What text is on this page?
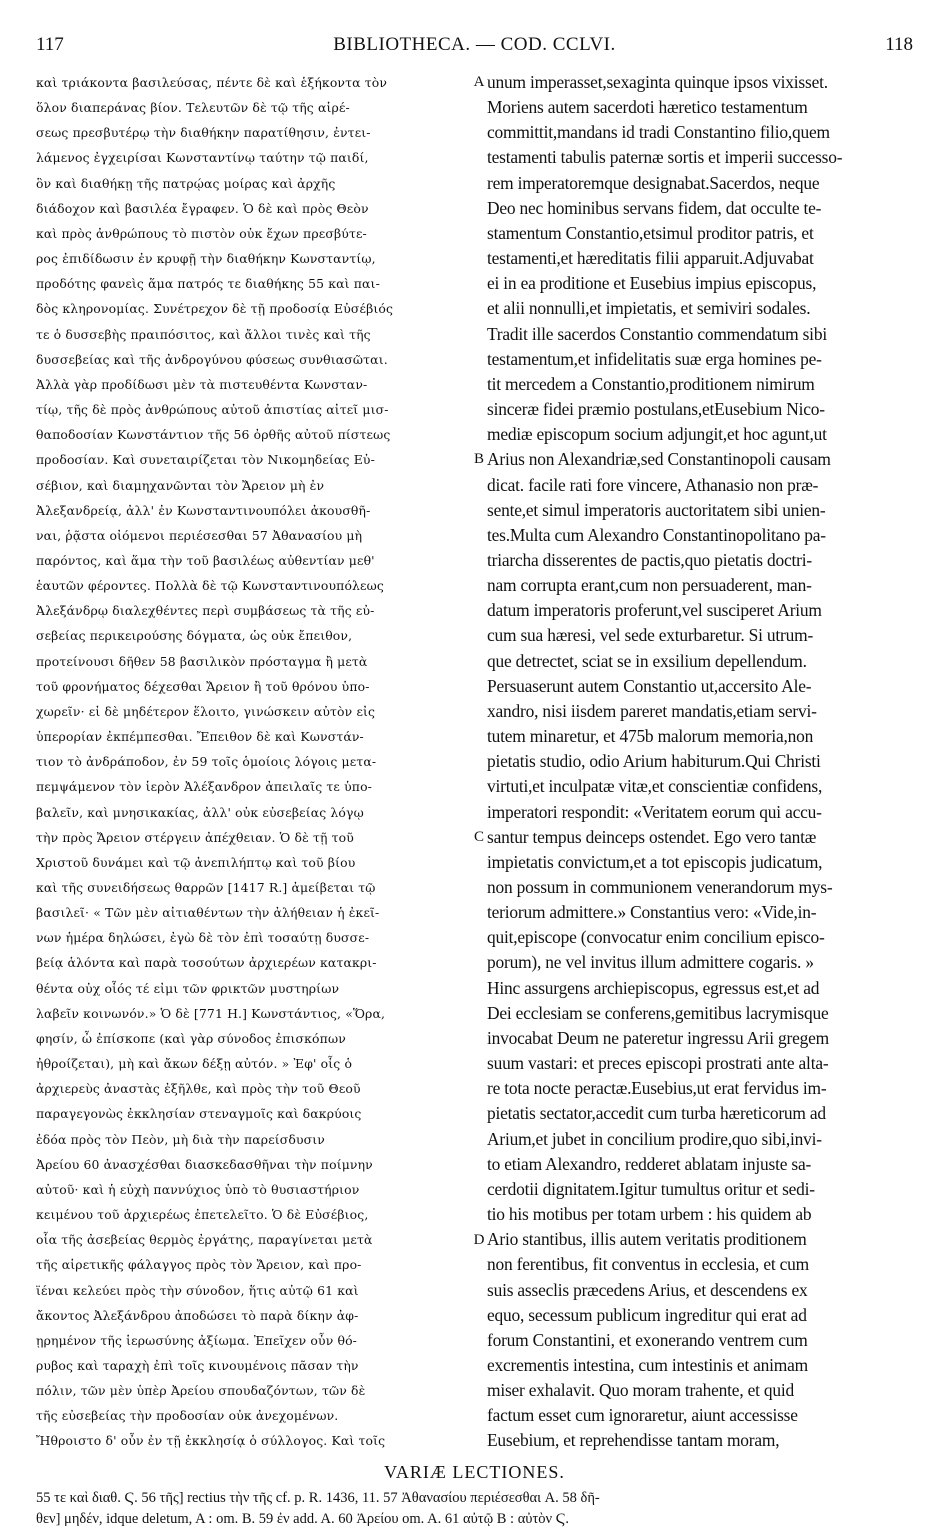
117	BIBLIOTHECA. — COD. CCLVI.	118
A
B
C
D
καὶ τριάκοντα βασιλεύσας, πέντε δὲ καὶ ἑξήκοντα τὸν
ὅλον διαπεράνας βίον. Τελευτῶν δὲ τῷ τῆς αἱρέ-
σεως πρεσβυτέρῳ τὴν διαθήκην παρατίθησιν, ἐντει-
λάμενος ἐγχειρίσαι Κωνσταντίνῳ ταύτην τῷ παιδί,
ὃν καὶ διαθήκῃ τῆς πατρῴας μοίρας καὶ ἀρχῆς
διάδοχον καὶ βασιλέα ἔγραφεν. Ὁ δὲ καὶ πρὸς Θεὸν
καὶ πρὸς ἀνθρώπους τὸ πιστὸν οὐκ ἔχων πρεσβύτε-
ρος ἐπιδίδωσιν ἐν κρυφῇ τὴν διαθήκην Κωνσταντίῳ,
προδότης φανεὶς ἅμα πατρός τε διαθήκης 55 καὶ παι-
δὸς κληρονομίας. Συνέτρεχον δὲ τῇ προδοσίᾳ Εὐσέβιός
τε ὁ δυσσεβὴς πραιπόσιτος, καὶ ἄλλοι τινὲς καὶ τῆς
δυσσεβείας καὶ τῆς ἀνδρογύνου φύσεως συνθιασῶται.
Ἀλλὰ γὰρ προδίδωσι μὲν τὰ πιστευθέντα Κωνσταν-
τίῳ, τῆς δὲ πρὸς ἀνθρώπους αὐτοῦ ἀπιστίας αἰτεῖ μισ-
θαποδοσίαν Κωνστάντιον τῆς 56 ὀρθῆς αὐτοῦ πίστεως
προδοσίαν. Καὶ συνεταιρίζεται τὸν Νικομηδείας Εὐ-
σέβιον, καὶ διαμηχανῶνται τὸν Ἄρειον μὴ ἐν
Ἀλεξανδρείᾳ, ἀλλ' ἐν Κωνσταντινουπόλει ἀκουσθῆ-
ναι, ῥᾷστα οἰόμενοι περιέσεσθαι 57 Ἀθανασίου μὴ
παρόντος, καὶ ἅμα τὴν τοῦ βασιλέως αὐθεντίαν μεθ'
ἑαυτῶν φέροντες. Πολλὰ δὲ τῷ Κωνσταντινουπόλεως
Ἀλεξάνδρῳ διαλεχθέντες περὶ συμβάσεως τὰ τῆς εὐ-
σεβείας περικειρούσης δόγματα, ὡς οὐκ ἔπειθον,
προτείνουσι δῆθεν 58 βασιλικὸν πρόσταγμα ἢ μετὰ
τοῦ φρονήματος δέχεσθαι Ἄρειον ἢ τοῦ θρόνου ὑπο-
χωρεῖν· εἰ δὲ μηδέτερον ἕλοιτο, γινώσκειν αὐτὸν εἰς
ὑπερορίαν ἐκπέμπεσθαι. Ἔπειθον δὲ καὶ Κωνστάν-
τιον τὸ ἀνδράποδον, ἐν 59 τοῖς ὁμοίοις λόγοις μετα-
πεμψάμενον τὸν ἱερὸν Ἀλέξανδρον ἀπειλαῖς τε ὑπο-
βαλεῖν, καὶ μνησικακίας, ἀλλ' οὐκ εὐσεβείας λόγῳ
τὴν πρὸς Ἄρειον στέργειν ἀπέχθειαν. Ὁ δὲ τῇ τοῦ
Χριστοῦ δυνάμει καὶ τῷ ἀνεπιλήπτῳ καὶ τοῦ βίου
καὶ τῆς συνειδήσεως θαρρῶν [1417 R.] ἀμείβεται τῷ
βασιλεῖ· « Τῶν μὲν αἰτιαθέντων τὴν ἀλήθειαν ἡ ἐκεῖ-
νων ἡμέρα δηλώσει, ἐγὼ δὲ τὸν ἐπὶ τοσαύτῃ δυσσε-
βείᾳ ἁλόντα καὶ παρὰ τοσούτων ἀρχιερέων κατακρι-
θέντα οὐχ οἷός τέ εἰμι τῶν φρικτῶν μυστηρίων
λαβεῖν κοινωνόν.» Ὁ δὲ [771 H.] Κωνστάντιος, «Ὅρα,
φησίν, ὦ ἐπίσκοπε (καὶ γὰρ σύνοδος ἐπισκόπων
ἠθροίζεται), μὴ καὶ ἄκων δέξῃ αὐτόν. » Ἐφ' οἷς ὁ
ἀρχιερεὺς ἀναστὰς ἐξῆλθε, καὶ πρὸς τὴν τοῦ Θεοῦ
παραγεγονὼς ἐκκλησίαν στεναγμοῖς καὶ δακρύοις
ἐδόα πρὸς τὸν Πεὸν, μὴ διὰ τὴν παρείσδυσιν
Ἀρείου 60 ἀνασχέσθαι διασκεδασθῆναι τὴν ποίμνην
αὐτοῦ· καὶ ἡ εὐχὴ παννύχιος ὑπὸ τὸ θυσιαστήριον
κειμένου τοῦ ἀρχιερέως ἐπετελεῖτο. Ὁ δὲ Εὐσέβιος,
οἷα τῆς ἀσεβείας θερμὸς ἐργάτης, παραγίνεται μετὰ
τῆς αἱρετικῆς φάλαγγος πρὸς τὸν Ἄρειον, καὶ προ-
ϊέναι κελεύει πρὸς τὴν σύνοδον, ἥτις αὐτῷ 61 καὶ
ἄκοντος Ἀλεξάνδρου ἀποδώσει τὸ παρὰ δίκην ἀφ-
ῃρημένον τῆς ἱερωσύνης ἀξίωμα. Ἐπεῖχεν οὖν θό-
ρυβος καὶ ταραχὴ ἐπὶ τοῖς κινουμένοις πᾶσαν τὴν
πόλιν, τῶν μὲν ὑπὲρ Ἀρείου σπουδαζόντων, τῶν δὲ
τῆς εὐσεβείας τὴν προδοσίαν οὐκ ἀνεχομένων.
Ἤθροιστο δ' οὖν ἐν τῇ ἐκκλησίᾳ ὁ σύλλογος. Καὶ τοῖς
unum imperasset,sexaginta quinque ipsos vixisset.
Moriens autem sacerdoti hæretico testamentum
committit,mandans id tradi Constantino filio,quem
testamenti tabulis paternæ sortis et imperii successo-
rem imperatoremque designabat.Sacerdos, neque
Deo nec hominibus servans fidem, dat occulte te-
stamentum Constantio,etsimul proditor patris, et
testamenti,et hæreditatis filii apparuit.Adjuvabat
ei in ea proditione et Eusebius impius episcopus,
et alii nonnulli,et impietatis, et semiviri sodales.
Tradit ille sacerdos Constantio commendatum sibi
testamentum,et infidelitatis suæ erga homines pe-
tit mercedem a Constantio,proditionem nimirum
sinceræ fidei præmio postulans,etEusebium Nico-
mediæ episcopum socium adjungit,et hoc agunt,ut
Arius non Alexandriæ,sed Constantinopoli causam
dicat. facile rati fore vincere, Athanasio non præ-
sente,et simul imperatoris auctoritatem sibi unien-
tes.Multa cum Alexandro Constantinopolitano pa-
triarcha disserentes de pactis,quo pietatis doctri-
nam corrupta erant,cum non persuaderent, man-
datum imperatoris proferunt,vel susciperet Arium
cum sua hæresi, vel sede exturbaretur. Si utrum-
que detrectet, sciat se in exsilium depellendum.
Persuaserunt autem Constantio ut,accersito Ale-
xandro, nisi iisdem pareret mandatis,etiam servi-
tutem minaretur, et 475b malorum memoria,non
pietatis studio, odio Arium habiturum.Qui Christi
virtuti,et inculpatæ vitæ,et conscientiæ confidens,
imperatori respondit: «Veritatem eorum qui accu-
santur tempus deinceps ostendet. Ego vero tantæ
impietatis convictum,et a tot episcopis judicatum,
non possum in communionem venerandorum mys-
teriorum admittere.» Constantius vero: «Vide,in-
quit,episcope (convocatur enim concilium episco-
porum), ne vel invitus illum admittere cogaris. »
Hinc assurgens archiepiscopus, egressus est,et ad
Dei ecclesiam se conferens,gemitibus lacrymisque
invocabat Deum ne pateretur ingressu Arii gregem
suum vastari: et preces episcopi prostrati ante alta-
re tota nocte peractæ.Eusebius,ut erat fervidus im-
pietatis sectator,accedit cum turba hæreticorum ad
Arium,et jubet in concilium prodire,quo sibi,invi-
to etiam Alexandro, redderet ablatam injuste sa-
cerdotii dignitatem.Igitur tumultus oritur et sedi-
tio his motibus per totam urbem : his quidem ab
Ario stantibus, illis autem veritatis proditionem
non ferentibus, fit conventus in ecclesia, et cum
suis asseclis præcedens Arius, et descendens ex
equo, secessum publicum ingreditur qui erat ad
forum Constantini, et exonerando ventrem cum
excrementis intestina, cum intestinis et animam
miser exhalavit. Quo moram trahente, et quid
factum esset cum ignoraretur, aiunt accessisse
Eusebium, et reprehendisse tantam moram,
VARIÆ LECTIONES.
55 τε καὶ διαθ. Ϛ. 56 τῆς] rectius τὴν τῆς cf. p. R. 1436, 11. 57 Ἀθανασίου περιέσεσθαι A. 58 δῆ-
θεν] μηδέν, idque deletum, A : om. B. 59 ἐν add. A. 60 Ἀρείου om. A. 61 αὐτῷ B : αὐτὸν Ϛ.
